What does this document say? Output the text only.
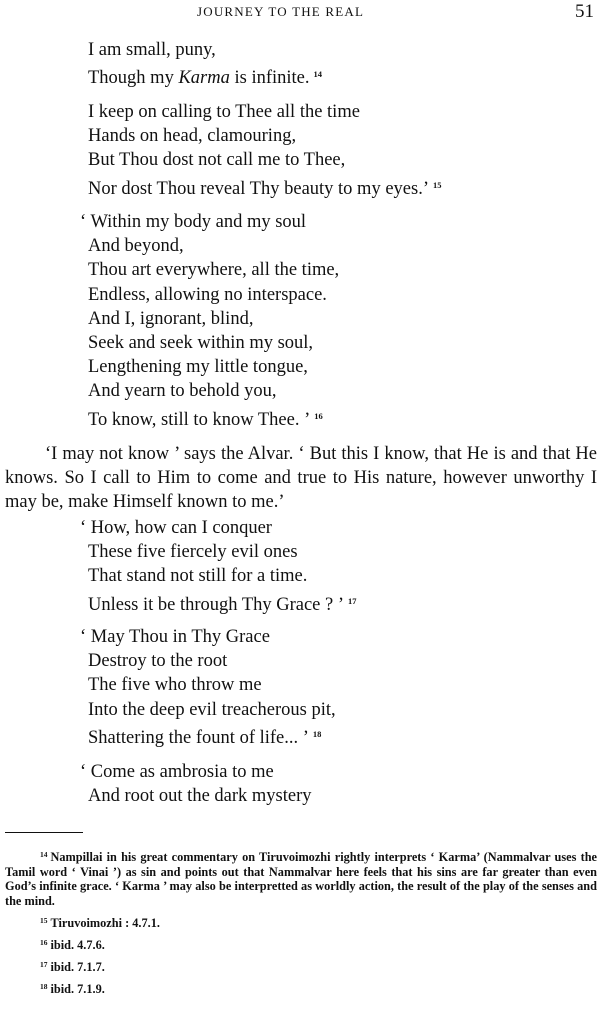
JOURNEY TO THE REAL	51
I am small, puny,
Though my Karma is infinite. $^{14}$
I keep on calling to Thee all the time
Hands on head, clamouring,
But Thou dost not call me to Thee,
Nor dost Thou reveal Thy beauty to my eyes.’ $^{15}$
‘ Within my body and my soul
And beyond,
Thou art everywhere, all the time,
Endless, allowing no interspace.
And I, ignorant, blind,
Seek and seek within my soul,
Lengthening my little tongue,
And yearn to behold you,
To know, still to know Thee. ’ $^{16}$
‘I may not know ’ says the Alvar. ‘ But this I know, that He is and that He knows. So I call to Him to come and true to His nature, however unworthy I may be, make Himself known to me.’
‘ How, how can I conquer
These five fiercely evil ones
That stand not still for a time.
Unless it be through Thy Grace ? ’ $^{17}$
‘ May Thou in Thy Grace
Destroy to the root
The five who throw me
Into the deep evil treacherous pit,
Shattering the fount of life... ’ $^{18}$
‘ Come as ambrosia to me
And root out the dark mystery
$^{14}$ Nampillai in his great commentary on Tiruvoimozhi rightly interprets ‘ Karma’ (Nammalvar uses the Tamil word ‘ Vinai ’) as sin and points out that Nammalvar here feels that his sins are far greater than even God’s infinite grace. ‘ Karma ’ may also be interpretted as worldly action, the result of the play of the senses and the mind.
$^{15}$ Tiruvoimozhi : 4.7.1.
$^{16}$ ibid. 4.7.6.
$^{17}$ ibid. 7.1.7.
$^{18}$ ibid. 7.1.9.
